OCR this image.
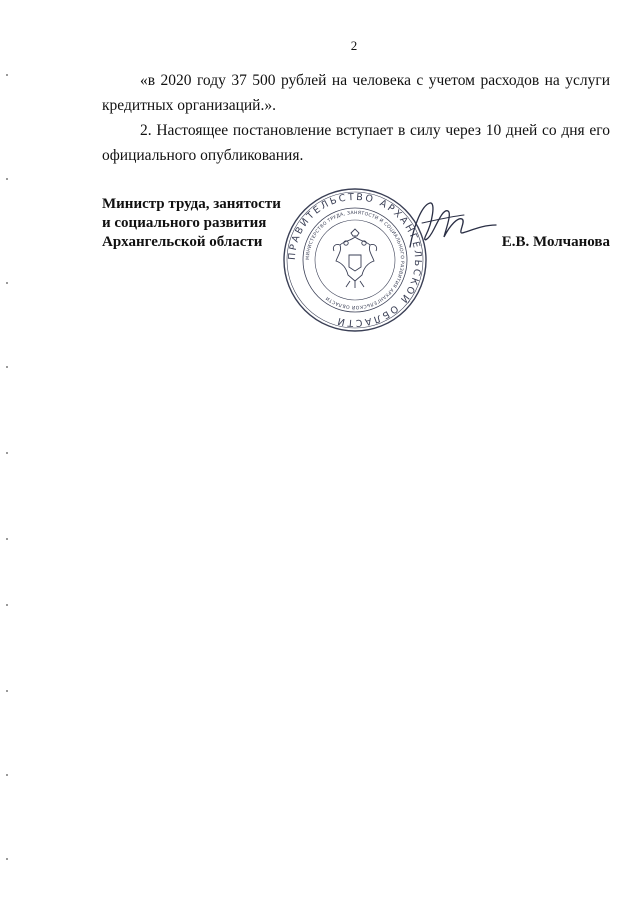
2

«в 2020 году 37 500 рублей на человека с учетом расходов на услуги кредитных организаций.».

2. Настоящее постановление вступает в силу через 10 дней со дня его официального опубликования.

Министр труда, занятости
и социального развития
Архангельской области
ПРАВИТЕЛЬСТВО АРХАНГЕЛЬСКОЙ ОБЛАСТИ
МИНИСТЕРСТВО ТРУДА, ЗАНЯТОСТИ И СОЦИАЛЬНОГО РАЗВИТИЯ АРХАНГЕЛЬСКОЙ ОБЛАСТИ
Е.В. Молчанова
